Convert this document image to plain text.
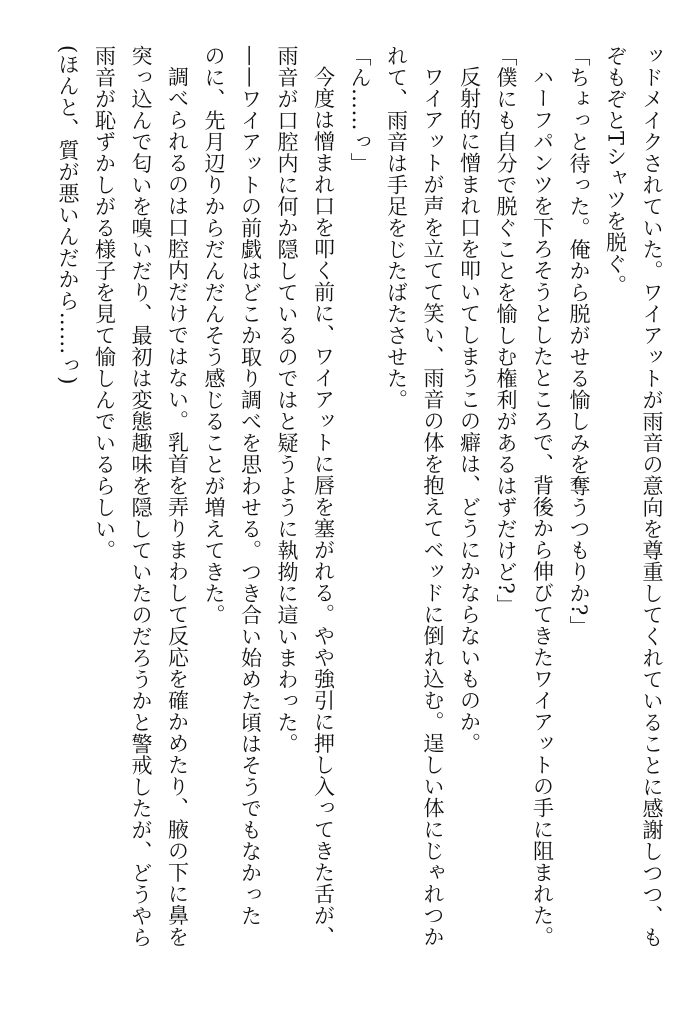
ッドメイクされていた。ワイアットが雨音の意向を尊重してくれていることに感謝しつつ、も
ぞもぞとTシャツを脱ぐ。
「ちょっと待った。俺から脱がせる愉しみを奪うつもりか?」
ハーフパンツを下ろそうとしたところで、背後から伸びてきたワイアットの手に阻まれた。
「僕にも自分で脱ぐことを愉しむ権利があるはずだけど?」
反射的に憎まれ口を叩いてしまうこの癖は、どうにかならないものか。
ワイアットが声を立てて笑い、雨音の体を抱えてベッドに倒れ込む。逞しい体にじゃれつか
れて、雨音は手足をじたばたさせた。
「ん……っ」
今度は憎まれ口を叩く前に、ワイアットに唇を塞がれる。やや強引に押し入ってきた舌が、
雨音が口腔内に何か隠しているのではと疑うように執拗に這いまわった。
——ワイアットの前戯はどこか取り調べを思わせる。つき合い始めた頃はそうでもなかった
のに、先月辺りからだんだんそう感じることが増えてきた。
調べられるのは口腔内だけではない。乳首を弄りまわして反応を確かめたり、腋の下に鼻を
突っ込んで匂いを嗅いだり、最初は変態趣味を隠していたのだろうかと警戒したが、どうやら
雨音が恥ずかしがる様子を見て愉しんでいるらしい。
(ほんと、質が悪いんだから……っ)
